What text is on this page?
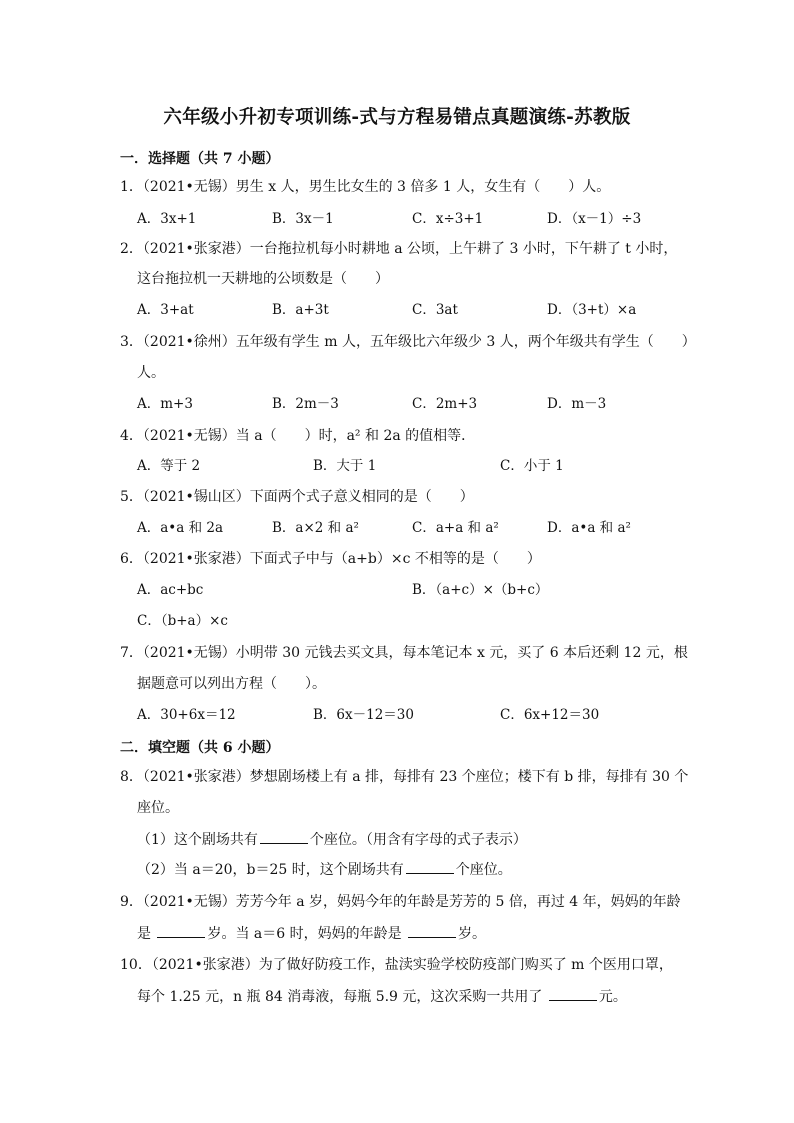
六年级小升初专项训练-式与方程易错点真题演练-苏教版
一．选择题（共 7 小题）
1．（2021•无锡）男生 x 人，男生比女生的 3 倍多 1 人，女生有（　　）人。
A．3x+1	B．3x－1	C．x÷3+1	D．（x－1）÷3
2．（2021•张家港）一台拖拉机每小时耕地 a 公顷，上午耕了 3 小时，下午耕了 t 小时，
这台拖拉机一天耕地的公顷数是（　　）
A．3+at	B．a+3t	C．3at	D．（3+t）×a
3．（2021•徐州）五年级有学生 m 人，五年级比六年级少 3 人，两个年级共有学生（　　）
人。
A．m+3	B．2m－3	C．2m+3	D．m－3
4．（2021•无锡）当 a（　　）时，a² 和 2a 的值相等．
A．等于 2	B．大于 1	C．小于 1
5．（2021•锡山区）下面两个式子意义相同的是（　　）
A．a•a 和 2a	B．a×2 和 a²	C．a+a 和 a²	D．a•a 和 a²
6．（2021•张家港）下面式子中与（a+b）×c 不相等的是（　　）
A．ac+bc	B．（a+c）×（b+c）
C．（b+a）×c
7．（2021•无锡）小明带 30 元钱去买文具，每本笔记本 x 元，买了 6 本后还剩 12 元，根
据题意可以列出方程（　　）。
A．30+6x＝12	B．6x－12＝30	C．6x+12＝30
二．填空题（共 6 小题）
8．（2021•张家港）梦想剧场楼上有 a 排，每排有 23 个座位；楼下有 b 排，每排有 30 个
座位。
（1）这个剧场共有	个座位。（用含有字母的式子表示）
（2）当 a＝20，b＝25 时，这个剧场共有	个座位。
9．（2021•无锡）芳芳今年 a 岁，妈妈今年的年龄是芳芳的 5 倍，再过 4 年，妈妈的年龄
是	岁。当 a＝6 时，妈妈的年龄是	岁。
10．（2021•张家港）为了做好防疫工作，盐渎实验学校防疫部门购买了 m 个医用口罩，
每个 1.25 元，n 瓶 84 消毒液，每瓶 5.9 元，这次采购一共用了	元。
